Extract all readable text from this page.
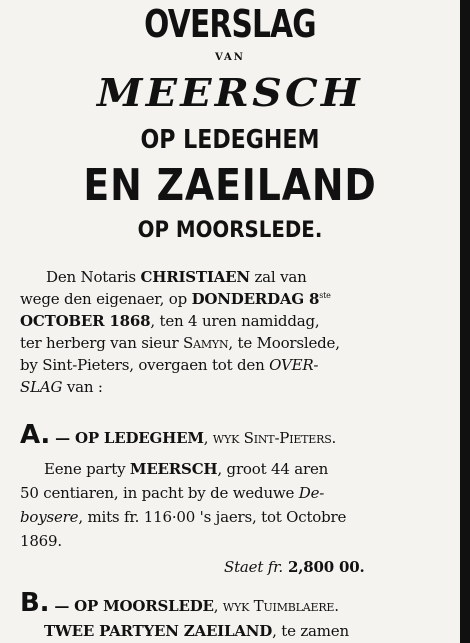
OVERSLAG
VAN
MEERSCH
OP LEDEGHEM
EN ZAEILAND
OP MOORSLEDE.
Den Notaris CHRISTIAEN zal van
wege den eigenaer, op DONDERDAG 8ste
OCTOBER 1868, ten 4 uren namiddag,
ter herberg van sieur Samyn, te Moorslede,
by Sint-Pieters, overgaen tot den OVER-
SLAG van :
A. — OP LEDEGHEM, wyk Sint-Pieters.
Eene party MEERSCH, groot 44 aren
50 centiaren, in pacht by de weduwe De-
boysere, mits fr. 116·00 's jaers, tot Octobre
1869.
Staet fr. 2,800 00.
B. — OP MOORSLEDE, wyk Tuimblaere.
TWEE PARTYEN ZAEILAND, te zamen
